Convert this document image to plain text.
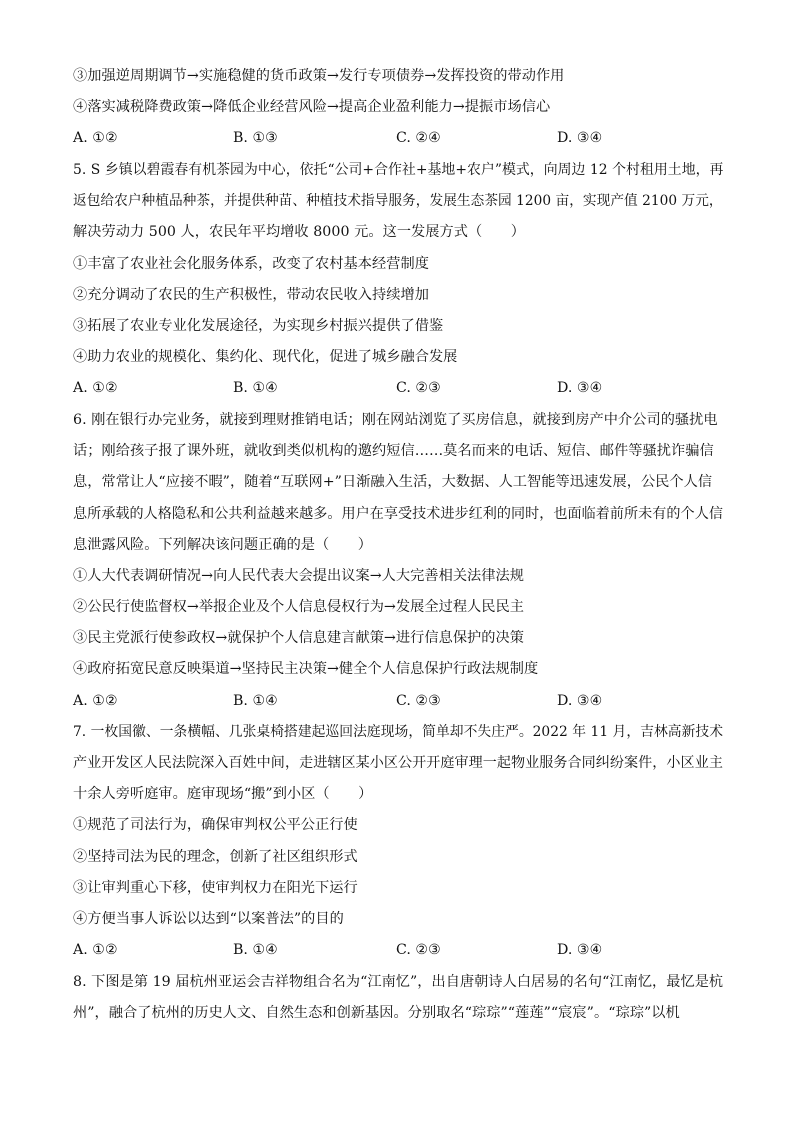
③加强逆周期调节→实施稳健的货币政策→发行专项债券→发挥投资的带动作用
④落实减税降费政策→降低企业经营风险→提高企业盈利能力→提振市场信心
A. ①②	B. ①③	C. ②④	D. ③④
5. S 乡镇以碧霞春有机茶园为中心，依托“公司+合作社+基地+农户”模式，向周边 12 个村租用土地，再
返包给农户种植品种茶，并提供种苗、种植技术指导服务，发展生态茶园 1200 亩，实现产值 2100 万元，
解决劳动力 500 人，农民年平均增收 8000 元。这一发展方式（　　）
①丰富了农业社会化服务体系，改变了农村基本经营制度
②充分调动了农民的生产积极性，带动农民收入持续增加
③拓展了农业专业化发展途径，为实现乡村振兴提供了借鉴
④助力农业的规模化、集约化、现代化，促进了城乡融合发展
A. ①②	B. ①④	C. ②③	D. ③④
6. 刚在银行办完业务，就接到理财推销电话；刚在网站浏览了买房信息，就接到房产中介公司的骚扰电
话；刚给孩子报了课外班，就收到类似机构的邀约短信……莫名而来的电话、短信、邮件等骚扰诈骗信
息，常常让人“应接不暇”，随着“互联网+”日渐融入生活，大数据、人工智能等迅速发展，公民个人信
息所承载的人格隐私和公共利益越来越多。用户在享受技术进步红利的同时，也面临着前所未有的个人信
息泄露风险。下列解决该问题正确的是（　　）
①人大代表调研情况→向人民代表大会提出议案→人大完善相关法律法规
②公民行使监督权→举报企业及个人信息侵权行为→发展全过程人民民主
③民主党派行使参政权→就保护个人信息建言献策→进行信息保护的决策
④政府拓宽民意反映渠道→坚持民主决策→健全个人信息保护行政法规制度
A. ①②	B. ①④	C. ②③	D. ③④
7. 一枚国徽、一条横幅、几张桌椅搭建起巡回法庭现场，简单却不失庄严。2022 年 11 月，吉林高新技术
产业开发区人民法院深入百姓中间，走进辖区某小区公开开庭审理一起物业服务合同纠纷案件，小区业主
十余人旁听庭审。庭审现场“搬”到小区（　　）
①规范了司法行为，确保审判权公平公正行使
②坚持司法为民的理念，创新了社区组织形式
③让审判重心下移，使审判权力在阳光下运行
④方便当事人诉讼以达到“以案普法”的目的
A. ①②	B. ①④	C. ②③	D. ③④
8. 下图是第 19 届杭州亚运会吉祥物组合名为“江南忆”，出自唐朝诗人白居易的名句“江南忆，最忆是杭
州”，融合了杭州的历史人文、自然生态和创新基因。分别取名“琮琮”“莲莲”“宸宸”。“琮琮”以机
